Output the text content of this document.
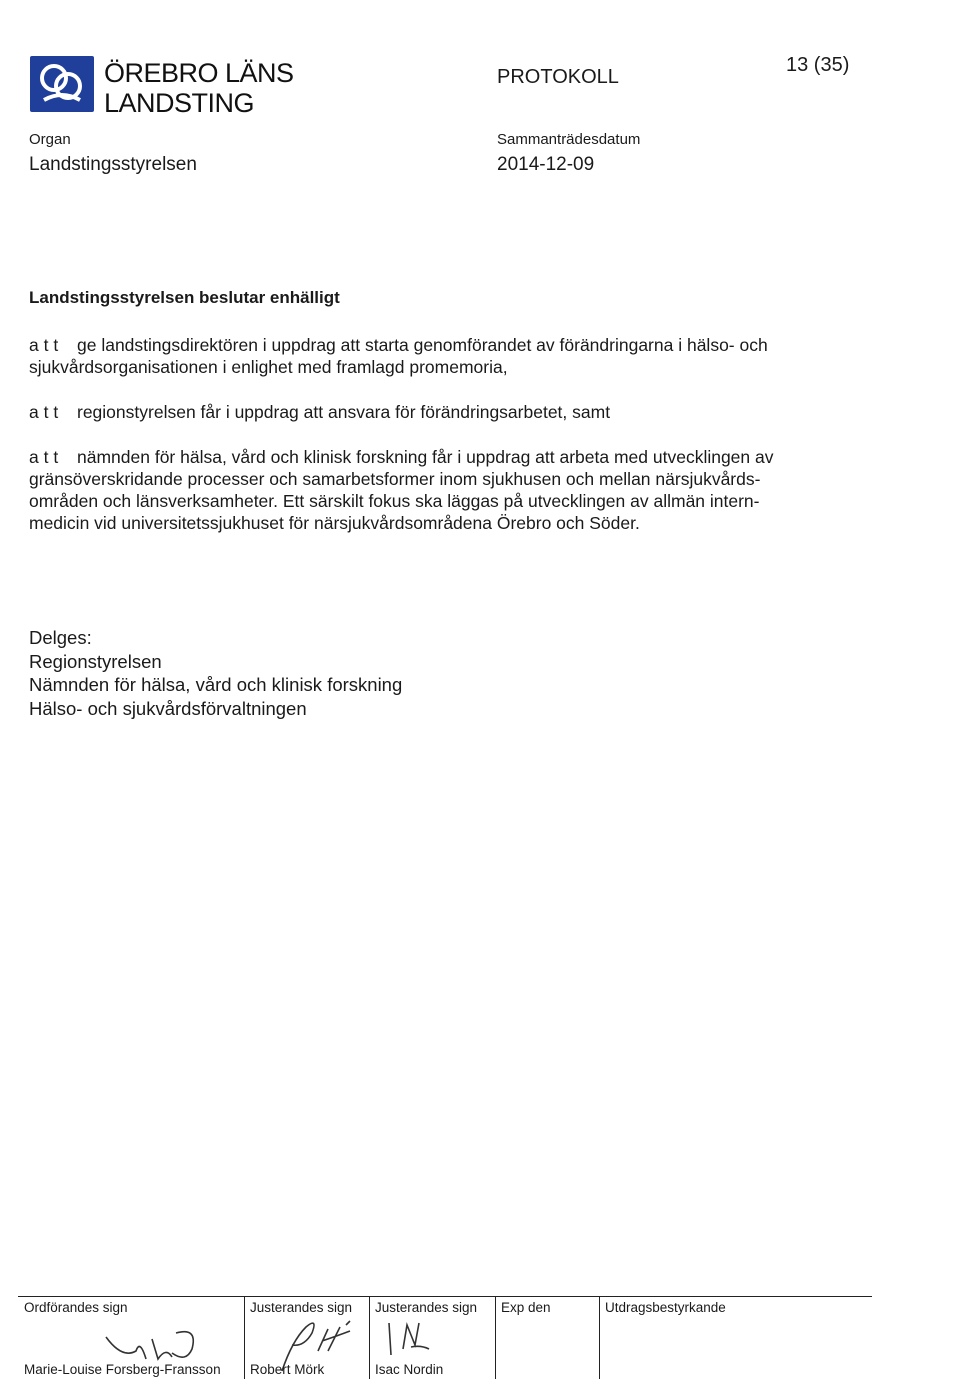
ÖREBRO LÄNS
LANDSTING
PROTOKOLL
13 (35)
Organ
Landstingsstyrelsen
Sammanträdesdatum
2014-12-09
Landstingsstyrelsen beslutar enhälligt
a t t ge landstingsdirektören i uppdrag att starta genomförandet av förändringarna i hälso- och
sjukvårdsorganisationen i enlighet med framlagd promemoria,
a t t regionstyrelsen får i uppdrag att ansvara för förändringsarbetet, samt
a t t nämnden för hälsa, vård och klinisk forskning får i uppdrag att arbeta med utvecklingen av
gränsöverskridande processer och samarbetsformer inom sjukhusen och mellan närsjukvårds-
områden och länsverksamheter. Ett särskilt fokus ska läggas på utvecklingen av allmän intern-
medicin vid universitetssjukhuset för närsjukvårdsområdena Örebro och Söder.
Delges:
Regionstyrelsen
Nämnden för hälsa, vård och klinisk forskning
Hälso- och sjukvårdsförvaltningen
Ordförandes sign
Marie-Louise Forsberg-Fransson
Justerandes sign
Robert Mörk
Justerandes sign
Isac Nordin
Exp den	Utdragsbestyrkande
